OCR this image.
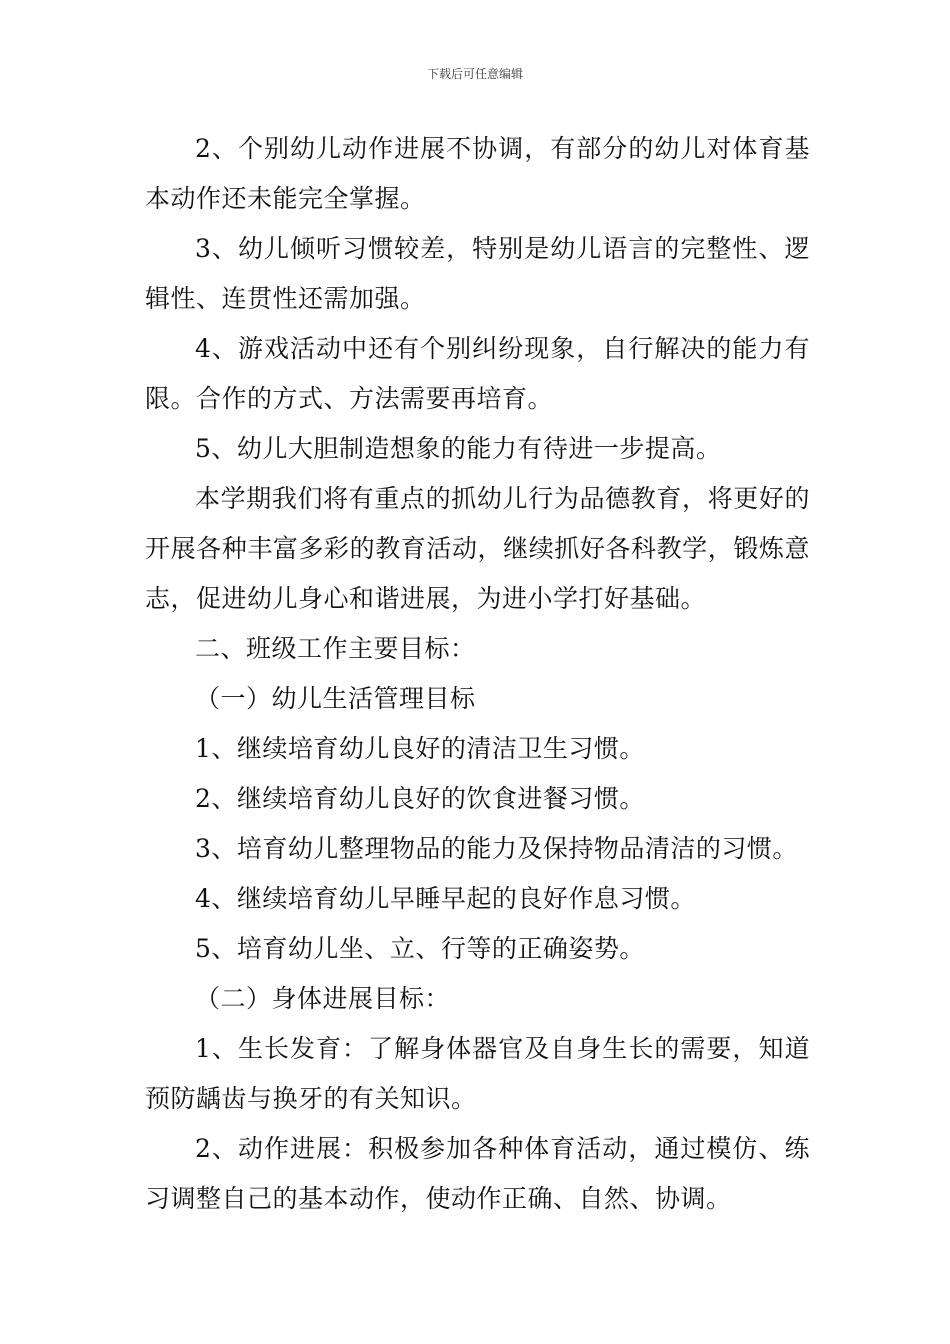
下载后可任意编辑

2、个别幼儿动作进展不协调，有部分的幼儿对体育基本动作还未能完全掌握。

3、幼儿倾听习惯较差，特别是幼儿语言的完整性、逻辑性、连贯性还需加强。

4、游戏活动中还有个别纠纷现象，自行解决的能力有限。合作的方式、方法需要再培育。

5、幼儿大胆制造想象的能力有待进一步提高。

本学期我们将有重点的抓幼儿行为品德教育，将更好的开展各种丰富多彩的教育活动，继续抓好各科教学，锻炼意志，促进幼儿身心和谐进展，为进小学打好基础。

二、班级工作主要目标：

（一）幼儿生活管理目标

1、继续培育幼儿良好的清洁卫生习惯。

2、继续培育幼儿良好的饮食进餐习惯。

3、培育幼儿整理物品的能力及保持物品清洁的习惯。

4、继续培育幼儿早睡早起的良好作息习惯。

5、培育幼儿坐、立、行等的正确姿势。

（二）身体进展目标：

1、生长发育：了解身体器官及自身生长的需要，知道预防龋齿与换牙的有关知识。

2、动作进展：积极参加各种体育活动，通过模仿、练习调整自己的基本动作，使动作正确、自然、协调。
